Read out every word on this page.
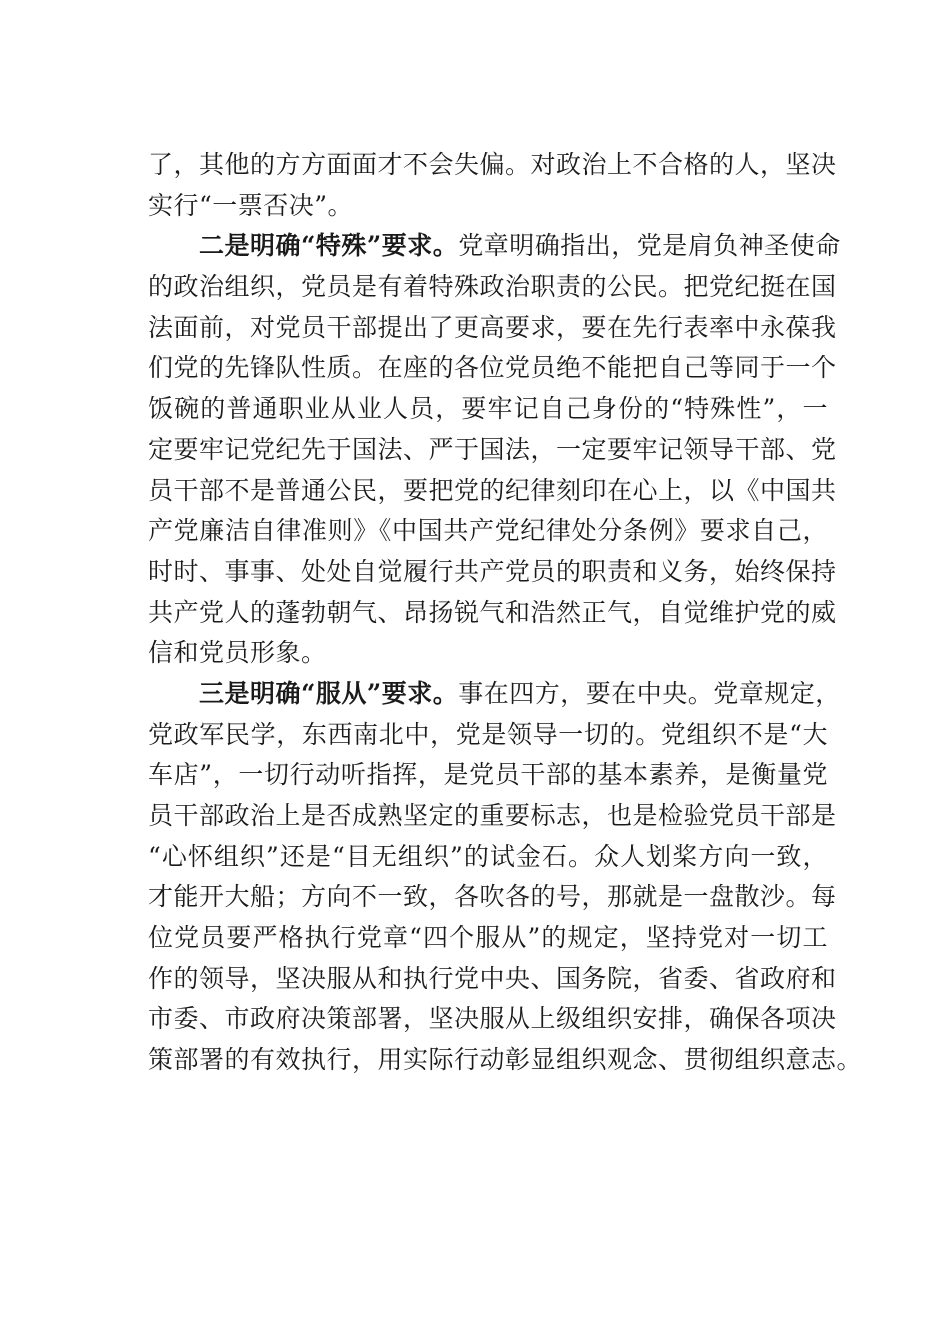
了，其他的方方面面才不会失偏。对政治上不合格的人，坚决
实行“一票否决”。
　　二是明确“特殊”要求。党章明确指出，党是肩负神圣使命
的政治组织，党员是有着特殊政治职责的公民。把党纪挺在国
法面前，对党员干部提出了更高要求，要在先行表率中永葆我
们党的先锋队性质。在座的各位党员绝不能把自己等同于一个
饭碗的普通职业从业人员，要牢记自己身份的“特殊性”，一
定要牢记党纪先于国法、严于国法，一定要牢记领导干部、党
员干部不是普通公民，要把党的纪律刻印在心上，以《中国共
产党廉洁自律准则》《中国共产党纪律处分条例》要求自己，
时时、事事、处处自觉履行共产党员的职责和义务，始终保持
共产党人的蓬勃朝气、昂扬锐气和浩然正气，自觉维护党的威
信和党员形象。
　　三是明确“服从”要求。事在四方，要在中央。党章规定，
党政军民学，东西南北中，党是领导一切的。党组织不是“大
车店”，一切行动听指挥，是党员干部的基本素养，是衡量党
员干部政治上是否成熟坚定的重要标志，也是检验党员干部是
“心怀组织”还是“目无组织”的试金石。众人划桨方向一致，
才能开大船；方向不一致，各吹各的号，那就是一盘散沙。每
位党员要严格执行党章“四个服从”的规定，坚持党对一切工
作的领导，坚决服从和执行党中央、国务院，省委、省政府和
市委、市政府决策部署，坚决服从上级组织安排，确保各项决
策部署的有效执行，用实际行动彰显组织观念、贯彻组织意志。
